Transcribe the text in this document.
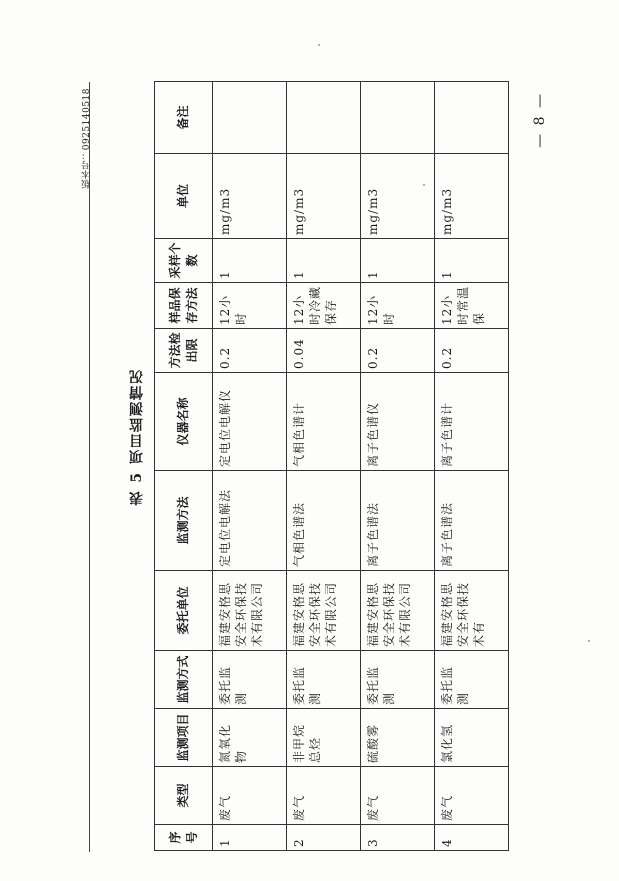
版本号：0925140518	— 8 —
表 5 项目监测情况
序号	类型	监测项目	监测方式	委托单位	监测方法	仪器名称	方法检出限	样品保存方法	采样个数	单位	备注
1	废气	氮氧化物	委托监测	福建安格思安全环保技术有限公司	定电位电解法	定电位电解仪	0.2	12小时	1	mg/m3	
2	废气	非甲烷总烃	委托监测	福建安格思安全环保技术有限公司	气相色谱法	气相色谱计	0.04	12小时冷藏保存	1	mg/m3	
3	废气	硫酸雾	委托监测	福建安格思安全环保技术有限公司	离子色谱法	离子色谱仪	0.2	12小时	1	mg/m3	
4	废气	氯化氢	委托监测	福建安格思安全环保技术有	离子色谱法	离子色谱计	0.2	12小时常温保	1	mg/m3	
